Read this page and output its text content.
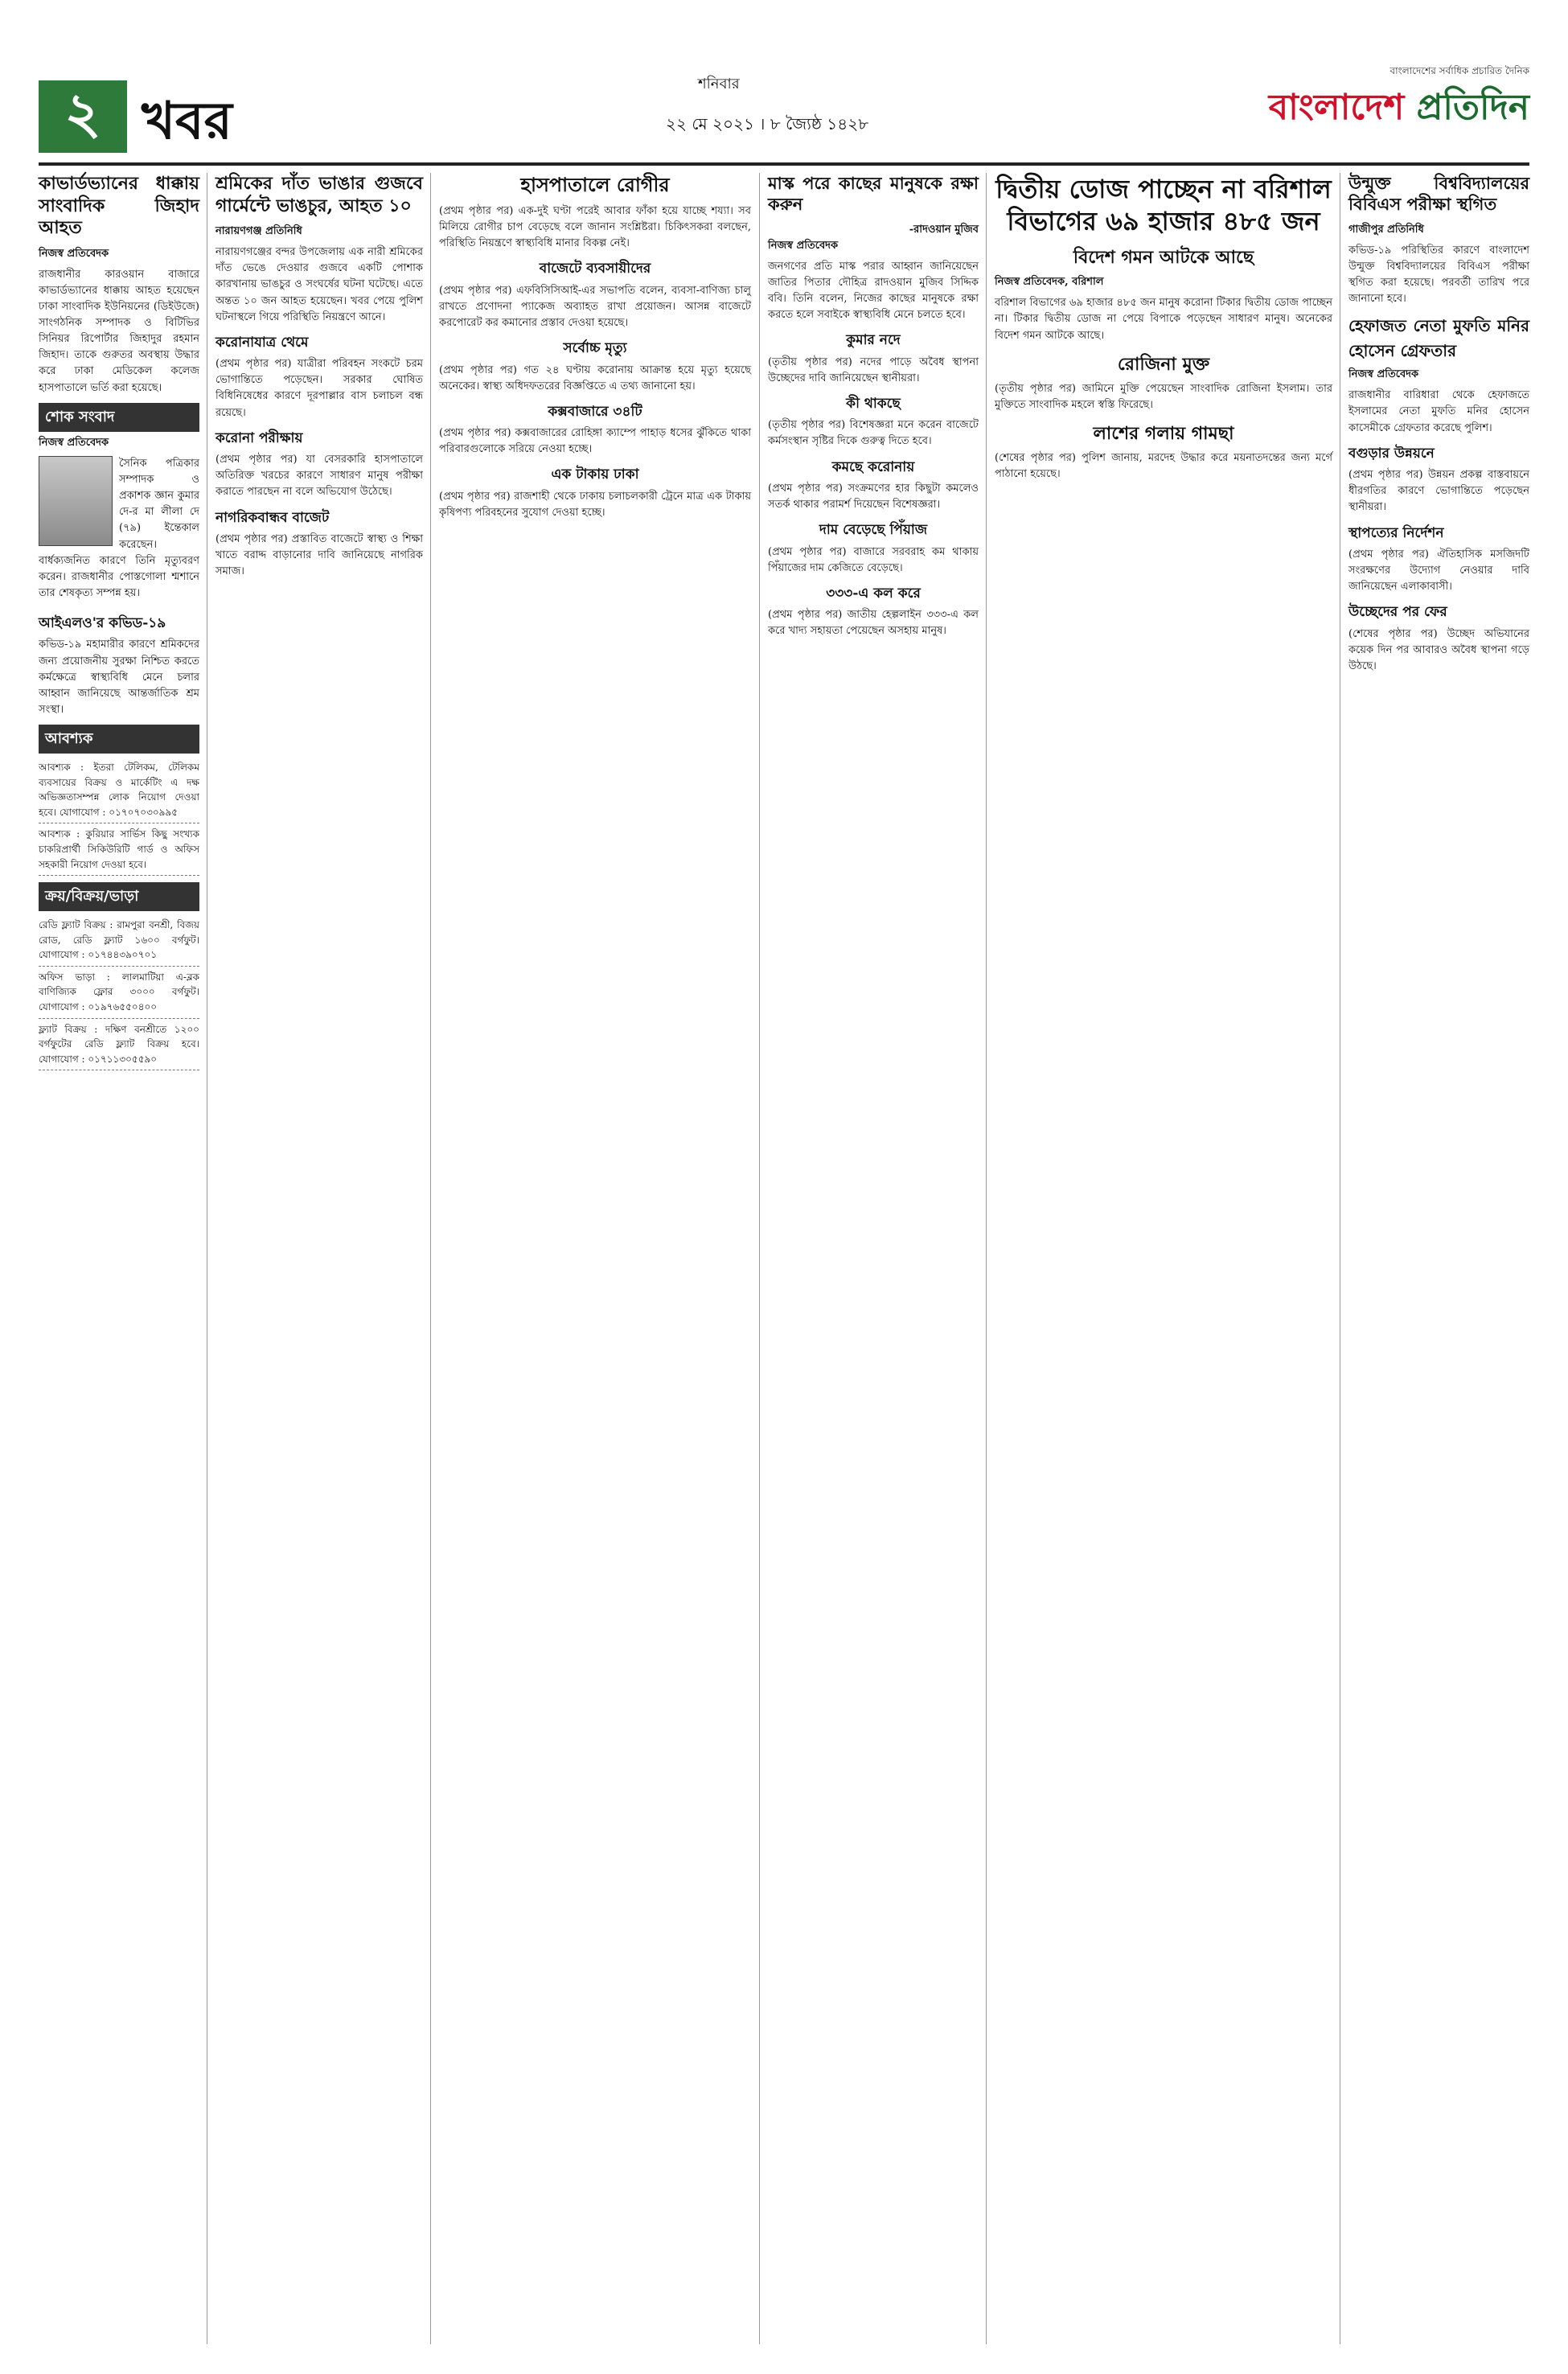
২ খবর
শনিবার
২২ মে ২০২১ । ৮ জ্যৈষ্ঠ ১৪২৮
বাংলাদেশের সর্বাধিক প্রচারিত দৈনিক
বাংলাদেশ প্রতিদিন
কাভার্ডভ্যানের ধাক্কায় সাংবাদিক জিহাদ আহত
নিজস্ব প্রতিবেদক

রাজধানীর কারওয়ান বাজারে কাভার্ডভ্যানের ধাক্কায় আহত হয়েছেন ঢাকা সাংবাদিক ইউনিয়নের (ডিইউজে) সাংগঠনিক সম্পাদক ও বিটিভির সিনিয়র রিপোর্টার জিহাদুর রহমান জিহাদ। তাকে গুরুতর অবস্থায় উদ্ধার করে ঢাকা মেডিকেল কলেজ হাসপাতালে ভর্তি করা হয়েছে।

শোক সংবাদ
নিজস্ব প্রতিবেদক

সৈনিক পত্রিকার সম্পাদক ও প্রকাশক জ্ঞান কুমার দে-র মা লীলা দে (৭৯) ইন্তেকাল করেছেন। বার্ধক্যজনিত কারণে তিনি মৃত্যুবরণ করেন। রাজধানীর পোস্তগোলা শ্মশানে তার শেষকৃত্য সম্পন্ন হয়।

আইএলও'র কভিড-১৯

কভিড-১৯ মহামারীর কারণে শ্রমিকদের জন্য প্রয়োজনীয় সুরক্ষা নিশ্চিত করতে কর্মক্ষেত্রে স্বাস্থ্যবিধি মেনে চলার আহ্বান জানিয়েছে আন্তর্জাতিক শ্রম সংস্থা।

আবশ্যক
আবশ্যক : ইতরা টেলিকম, টেলিকম ব্যবসায়ের বিক্রয় ও মার্কেটিং এ দক্ষ অভিজ্ঞতাসম্পন্ন লোক নিয়োগ দেওয়া হবে। যোগাযোগ : ০১৭০৭০৩০৯৯৫
আবশ্যক : কুরিয়ার সার্ভিস কিছু সংখ্যক চাকরিপ্রার্থী সিকিউরিটি গার্ড ও অফিস সহকারী নিয়োগ দেওয়া হবে।
ক্রয়/বিক্রয়/ভাড়া
রেডি ফ্ল্যাট বিক্রয় : রামপুরা বনশ্রী, বিজয় রোড, রেডি ফ্ল্যাট ১৬০০ বর্গফুট। যোগাযোগ : ০১৭৪৪৩৯০৭০১
অফিস ভাড়া : লালমাটিয়া এ-ব্লক বাণিজ্যিক ফ্লোর ৩০০০ বর্গফুট। যোগাযোগ : ০১৯৭৬৫৫০৪০০
ফ্ল্যাট বিক্রয় : দক্ষিণ বনশ্রীতে ১২০০ বর্গফুটের রেডি ফ্ল্যাট বিক্রয় হবে। যোগাযোগ : ০১৭১১৩০৫৫৯০
শ্রমিকের দাঁত ভাঙার গুজবে গার্মেন্টে ভাঙচুর, আহত ১০
নারায়ণগঞ্জ প্রতিনিধি

নারায়ণগঞ্জের বন্দর উপজেলায় এক নারী শ্রমিকের দাঁত ভেঙে দেওয়ার গুজবে একটি পোশাক কারখানায় ভাঙচুর ও সংঘর্ষের ঘটনা ঘটেছে। এতে অন্তত ১০ জন আহত হয়েছেন। খবর পেয়ে পুলিশ ঘটনাস্থলে গিয়ে পরিস্থিতি নিয়ন্ত্রণে আনে।

করোনাযাত্র থেমে

(প্রথম পৃষ্ঠার পর) যাত্রীরা পরিবহন সংকটে চরম ভোগান্তিতে পড়েছেন। সরকার ঘোষিত বিধিনিষেধের কারণে দূরপাল্লার বাস চলাচল বন্ধ রয়েছে।

করোনা পরীক্ষায়

(প্রথম পৃষ্ঠার পর) যা বেসরকারি হাসপাতালে অতিরিক্ত খরচের কারণে সাধারণ মানুষ পরীক্ষা করাতে পারছেন না বলে অভিযোগ উঠেছে।

নাগরিকবান্ধব বাজেট

(প্রথম পৃষ্ঠার পর) প্রস্তাবিত বাজেটে স্বাস্থ্য ও শিক্ষা খাতে বরাদ্দ বাড়ানোর দাবি জানিয়েছে নাগরিক সমাজ।

হাসপাতালে রোগীর

(প্রথম পৃষ্ঠার পর) এক-দুই ঘণ্টা পরেই আবার ফাঁকা হয়ে যাচ্ছে শয্যা। সব মিলিয়ে রোগীর চাপ বেড়েছে বলে জানান সংশ্লিষ্টরা। চিকিৎসকরা বলছেন, পরিস্থিতি নিয়ন্ত্রণে স্বাস্থ্যবিধি মানার বিকল্প নেই।

বাজেটে ব্যবসায়ীদের

(প্রথম পৃষ্ঠার পর) এফবিসিসিআই-এর সভাপতি বলেন, ব্যবসা-বাণিজ্য চালু রাখতে প্রণোদনা প্যাকেজ অব্যাহত রাখা প্রয়োজন। আসন্ন বাজেটে করপোরেট কর কমানোর প্রস্তাব দেওয়া হয়েছে।

সর্বোচ্চ মৃত্যু

(প্রথম পৃষ্ঠার পর) গত ২৪ ঘণ্টায় করোনায় আক্রান্ত হয়ে মৃত্যু হয়েছে অনেকের। স্বাস্থ্য অধিদফতরের বিজ্ঞপ্তিতে এ তথ্য জানানো হয়।

কক্সবাজারে ৩৪টি

(প্রথম পৃষ্ঠার পর) কক্সবাজারের রোহিঙ্গা ক্যাম্পে পাহাড় ধসের ঝুঁকিতে থাকা পরিবারগুলোকে সরিয়ে নেওয়া হচ্ছে।

এক টাকায় ঢাকা

(প্রথম পৃষ্ঠার পর) রাজশাহী থেকে ঢাকায় চলাচলকারী ট্রেনে মাত্র এক টাকায় কৃষিপণ্য পরিবহনের সুযোগ দেওয়া হচ্ছে।

মাস্ক পরে কাছের মানুষকে রক্ষা করুন
-রাদওয়ান মুজিব
নিজস্ব প্রতিবেদক

জনগণের প্রতি মাস্ক পরার আহ্বান জানিয়েছেন জাতির পিতার দৌহিত্র রাদওয়ান মুজিব সিদ্দিক ববি। তিনি বলেন, নিজের কাছের মানুষকে রক্ষা করতে হলে সবাইকে স্বাস্থ্যবিধি মেনে চলতে হবে।

কুমার নদে

(তৃতীয় পৃষ্ঠার পর) নদের পাড়ে অবৈধ স্থাপনা উচ্ছেদের দাবি জানিয়েছেন স্থানীয়রা।

কী থাকছে

(তৃতীয় পৃষ্ঠার পর) বিশেষজ্ঞরা মনে করেন বাজেটে কর্মসংস্থান সৃষ্টির দিকে গুরুত্ব দিতে হবে।

কমছে করোনায়

(প্রথম পৃষ্ঠার পর) সংক্রমণের হার কিছুটা কমলেও সতর্ক থাকার পরামর্শ দিয়েছেন বিশেষজ্ঞরা।

দাম বেড়েছে পিঁয়াজ

(প্রথম পৃষ্ঠার পর) বাজারে সরবরাহ কম থাকায় পিঁয়াজের দাম কেজিতে বেড়েছে।

৩৩৩-এ কল করে

(প্রথম পৃষ্ঠার পর) জাতীয় হেল্পলাইন ৩৩৩-এ কল করে খাদ্য সহায়তা পেয়েছেন অসহায় মানুষ।

দ্বিতীয় ডোজ পাচ্ছেন না বরিশাল বিভাগের ৬৯ হাজার ৪৮৫ জন
বিদেশ গমন আটকে আছে
নিজস্ব প্রতিবেদক, বরিশাল

বরিশাল বিভাগের ৬৯ হাজার ৪৮৫ জন মানুষ করোনা টিকার দ্বিতীয় ডোজ পাচ্ছেন না। টিকার দ্বিতীয় ডোজ না পেয়ে বিপাকে পড়েছেন সাধারণ মানুষ। অনেকের বিদেশ গমন আটকে আছে।

রোজিনা মুক্ত

(তৃতীয় পৃষ্ঠার পর) জামিনে মুক্তি পেয়েছেন সাংবাদিক রোজিনা ইসলাম। তার মুক্তিতে সাংবাদিক মহলে স্বস্তি ফিরেছে।

লাশের গলায় গামছা

(শেষের পৃষ্ঠার পর) পুলিশ জানায়, মরদেহ উদ্ধার করে ময়নাতদন্তের জন্য মর্গে পাঠানো হয়েছে।

উন্মুক্ত বিশ্ববিদ্যালয়ের বিবিএস পরীক্ষা স্থগিত
গাজীপুর প্রতিনিধি

কভিড-১৯ পরিস্থিতির কারণে বাংলাদেশ উন্মুক্ত বিশ্ববিদ্যালয়ের বিবিএস পরীক্ষা স্থগিত করা হয়েছে। পরবর্তী তারিখ পরে জানানো হবে।

হেফাজত নেতা মুফতি মনির হোসেন গ্রেফতার
নিজস্ব প্রতিবেদক

রাজধানীর বারিধারা থেকে হেফাজতে ইসলামের নেতা মুফতি মনির হোসেন কাসেমীকে গ্রেফতার করেছে পুলিশ।

বগুড়ার উন্নয়নে

(প্রথম পৃষ্ঠার পর) উন্নয়ন প্রকল্প বাস্তবায়নে ধীরগতির কারণে ভোগান্তিতে পড়েছেন স্থানীয়রা।

স্থাপত্যের নির্দেশন

(প্রথম পৃষ্ঠার পর) ঐতিহাসিক মসজিদটি সংরক্ষণের উদ্যোগ নেওয়ার দাবি জানিয়েছেন এলাকাবাসী।

উচ্ছেদের পর ফের

(শেষের পৃষ্ঠার পর) উচ্ছেদ অভিযানের কয়েক দিন পর আবারও অবৈধ স্থাপনা গড়ে উঠছে।
